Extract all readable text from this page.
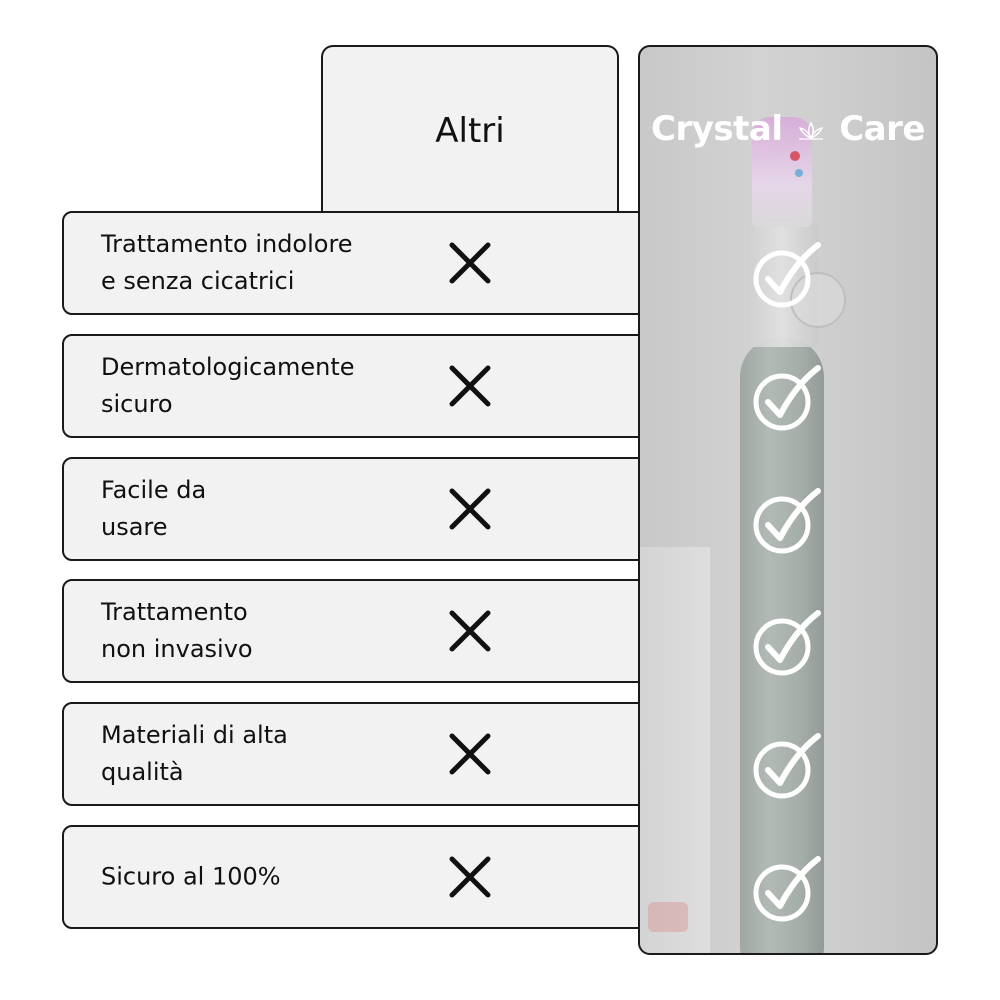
Altri
Trattamento indolore
e senza cicatrici
Dermatologicamente
sicuro
Facile da
usare
Trattamento
non invasivo
Materiali di alta
qualità
Sicuro al 100%
Crystal Care
